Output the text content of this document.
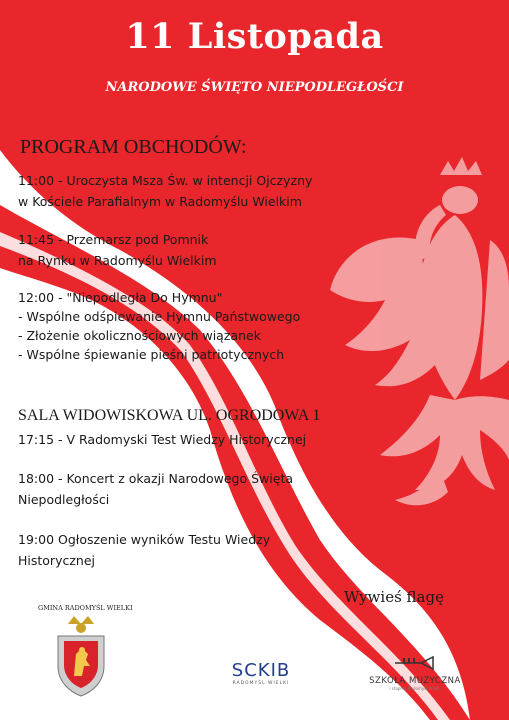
11 Listopada
NARODOWE ŚWIĘTO NIEPODLEGŁOŚCI
PROGRAM OBCHODÓW:
11:00 - Uroczysta Msza Św. w intencji Ojczyzny
w Kościele Parafialnym w Radomyślu Wielkim
11:45 - Przemarsz pod Pomnik
na Rynku w Radomyślu Wielkim
12:00 - "Niepodległa Do Hymnu"
- Wspólne odśpiewanie Hymnu Państwowego
- Złożenie okolicznościowych wiązanek
- Wspólne śpiewanie pieśni patriotycznych
SALA WIDOWISKOWA UL. OGRODOWA 1
17:15 - V Radomyski Test Wiedzy Historycznej
18:00 - Koncert z okazji Narodowego Święta
Niepodległości
19:00 Ogłoszenie wyników Testu Wiedzy
Historycznej
Wywieś flagę
GMINA RADOMYŚL WIELKI
SCKIB
RADOMYŚL WIELKI	SZKOŁA MUZYCZNA
I stopnia Radomyśl Wielki
